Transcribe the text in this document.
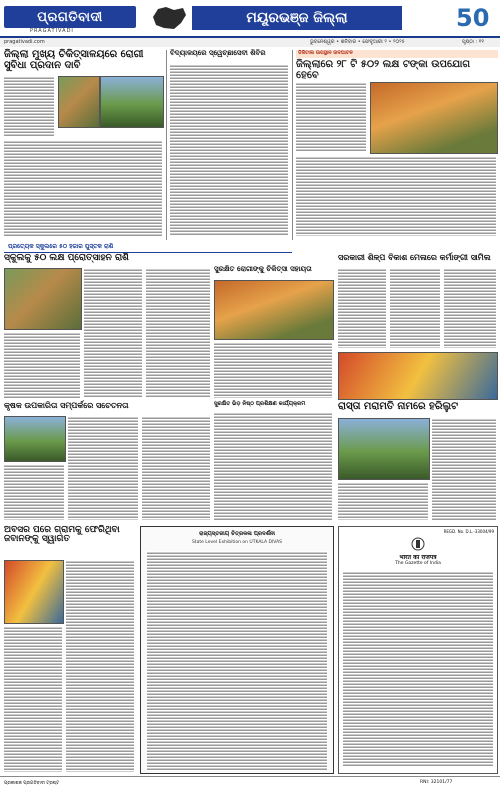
ପ୍ରଗତିବାଦୀ
PRAGATIVADI
ମୟୂରଭଞ୍ଜ ଜିଲ୍ଲା	50
pragativadi.com	ଭୁବନେଶ୍ୱର • ଶନିବାର • ଫେବୃଆରୀ ୨ • ୨୦୨୫	ପୃଷ୍ଠା : ୧୧
ଜିଲ୍ଲା ମୁଖ୍ୟ ଚିକିତ୍ସାଳୟରେ ରୋଗୀ ସୁବିଧା ପ୍ରଦାନ ଦାବି
ବିଦ୍ୟାଳୟରେ ସ୍ୱେଚ୍ଛାସେବୀ ଶିବିର	ଡିଜିଟାଲ ଉପସ୍ଥାନ ଉଦଘାଟନ
ଜିଲ୍ଲାରେ ୨୮ ଟି ୫୦୨ ଲକ୍ଷ ଟଙ୍କା ଉପଯୋଗ ହେବେ
ପ୍ରତ୍ୟେକ ସ୍କୁଲରେ ୫୦ ହଜାର ପୁସ୍ତକ ରାଶି
ସ୍କୁଲକୁ ୫୦ ଲକ୍ଷ ପ୍ରୋତ୍ସାହନ ରାଶି
ସୁରକ୍ଷିତ ରୋଗୀଙ୍କୁ ଚିକିତ୍ସା ସହାୟତା
ସରକାରୀ ଶିଳ୍ପ ବିକାଶ ମେଳାରେ କର୍ମାଙ୍ଗୀ ସାମିଲ
କୃଷକ ଉପକାରିତା ସମ୍ପର୍କରେ ସଚେତନତା	ସୁରକ୍ଷିତ ଭିଡ଼ ନିଷ୍ଠ ପ୍ରଶିକ୍ଷଣ କାର୍ଯ୍ୟକ୍ରମ	ରାସ୍ତା ମରାମତି ନାମରେ ହରିଲୁଟ
ଅବସର ପରେ ଗ୍ରାମକୁ ଫେରିଥିବା ଜବାନଙ୍କୁ ସ୍ୱାଗତ
ରାଜ୍ୟସ୍ତରୀୟ ଚିତ୍ରକଳା ପ୍ରଦର୍ଶନୀ
State Level Exhibition on UTKALA DIVAS
REGD. No. D.L.-33004/99
भारत का राजपत्र
The Gazette of India
ପ୍ରକାଶକ ପ୍ରଗତିବାଦୀ ଟ୍ରଷ୍ଟ	RNI: 32101/77
